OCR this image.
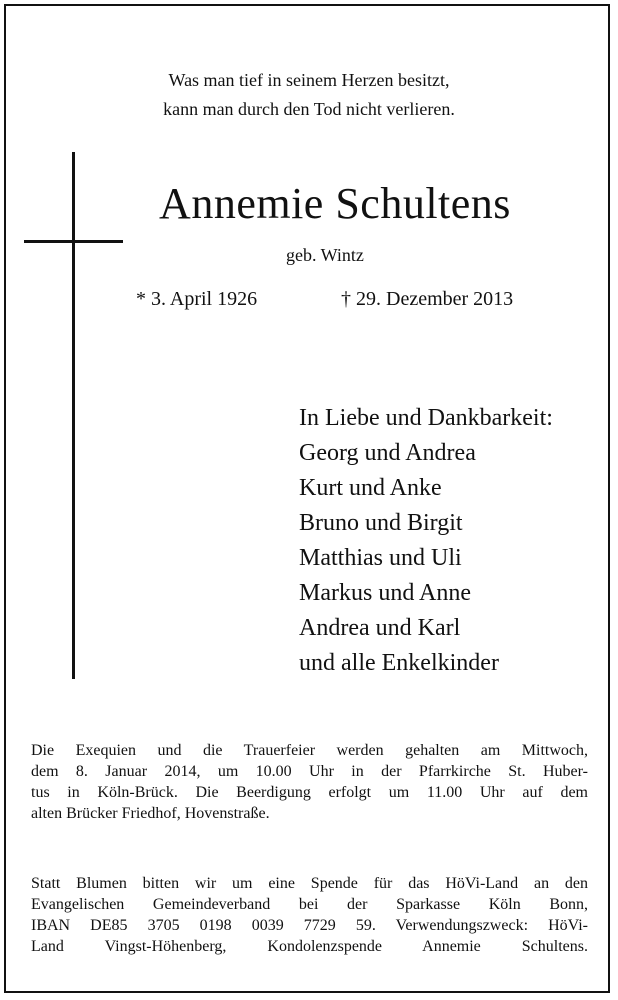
Was man tief in seinem Herzen besitzt,
kann man durch den Tod nicht verlieren.
Annemie Schultens
geb. Wintz
* 3. April 1926	† 29. Dezember 2013
In Liebe und Dankbarkeit:
Georg und Andrea
Kurt und Anke
Bruno und Birgit
Matthias und Uli
Markus und Anne
Andrea und Karl
und alle Enkelkinder
Die Exequien und die Trauerfeier werden gehalten am Mittwoch,
dem 8. Januar 2014, um 10.00 Uhr in der Pfarrkirche St. Huber-
tus in Köln-Brück. Die Beerdigung erfolgt um 11.00 Uhr auf dem
alten Brücker Friedhof, Hovenstraße.
Statt Blumen bitten wir um eine Spende für das HöVi-Land an den
Evangelischen Gemeindeverband bei der Sparkasse Köln Bonn,
IBAN DE85 3705 0198 0039 7729 59. Verwendungszweck: HöVi-
Land Vingst-Höhenberg, Kondolenzspende Annemie Schultens.
